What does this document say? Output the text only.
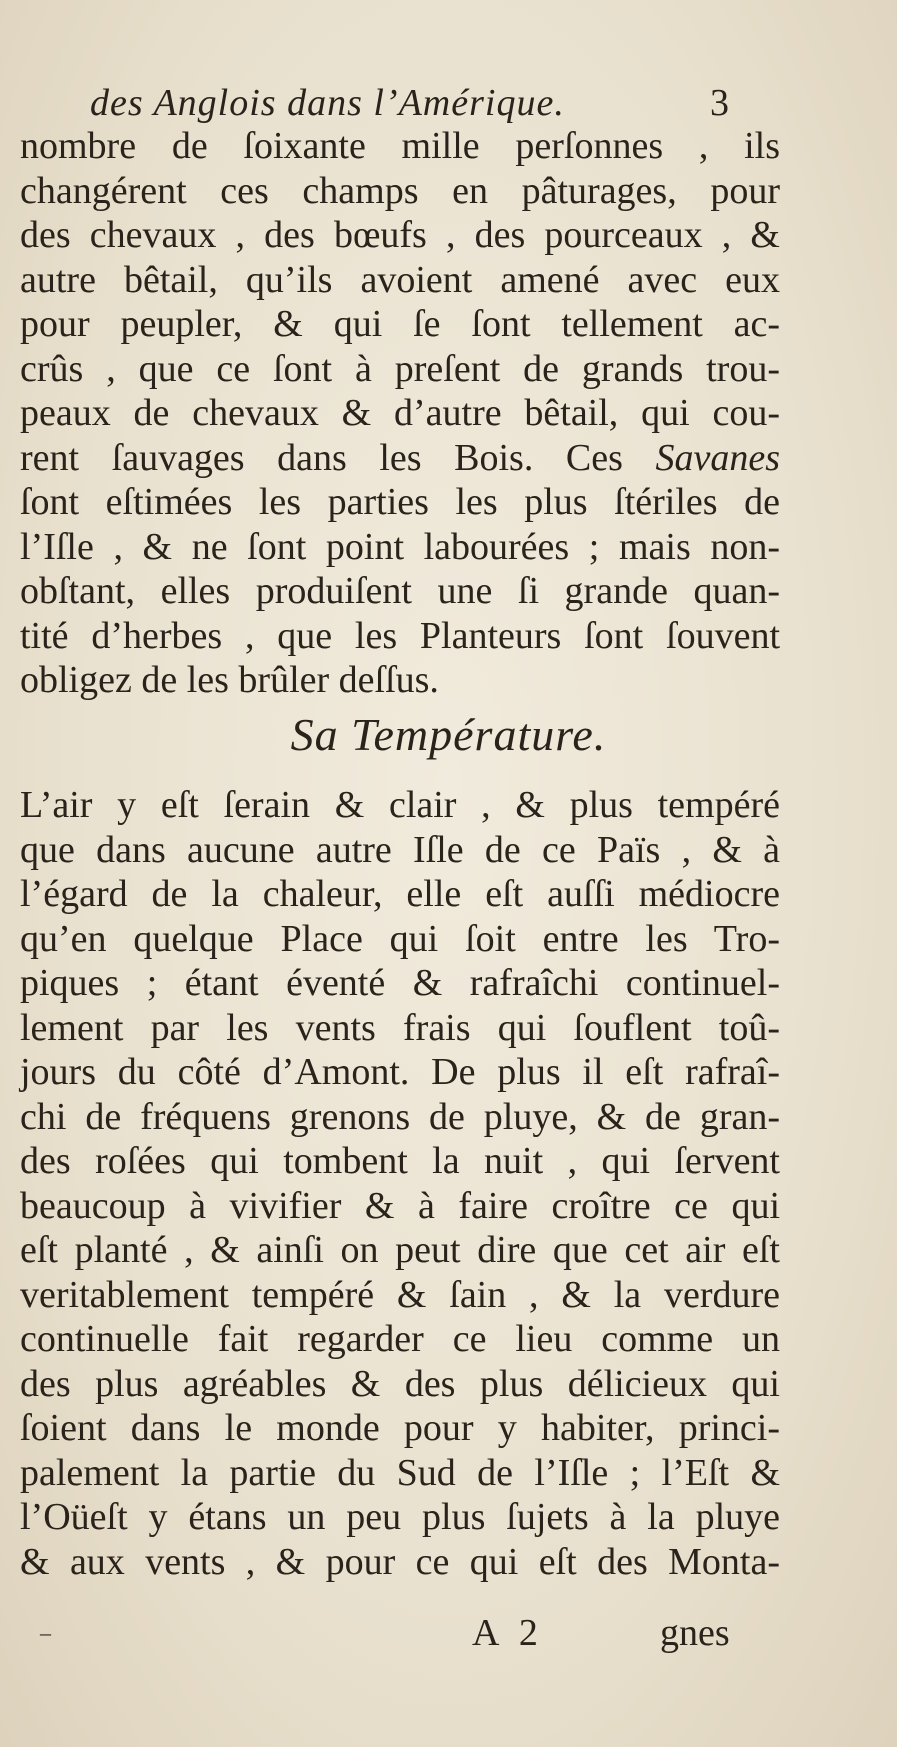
des Anglois dans l’Amérique.	3
nombre de ſoixante mille perſonnes , ils
changérent ces champs en pâturages, pour
des chevaux , des bœufs , des pourceaux , &
autre bêtail, qu’ils avoient amené avec eux
pour peupler, & qui ſe ſont tellement ac-
crûs , que ce ſont à preſent de grands trou-
peaux de chevaux & d’autre bêtail, qui cou-
rent ſauvages dans les Bois. Ces Savanes
ſont eſtimées les parties les plus ſtériles de
l’Iſle , & ne ſont point labourées ; mais non-
obſtant, elles produiſent une ſi grande quan-
tité d’herbes , que les Planteurs ſont ſouvent
obligez de les brûler deſſus.
Sa Température.
L’air y eſt ſerain & clair , & plus tempéré
que dans aucune autre Iſle de ce Païs , & à
l’égard de la chaleur, elle eſt auſſi médiocre
qu’en quelque Place qui ſoit entre les Tro-
piques ; étant éventé & rafraîchi continuel-
lement par les vents frais qui ſouflent toû-
jours du côté d’Amont. De plus il eſt rafraî-
chi de fréquens grenons de pluye, & de gran-
des roſées qui tombent la nuit , qui ſervent
beaucoup à vivifier & à faire croître ce qui
eſt planté , & ainſi on peut dire que cet air eſt
veritablement tempéré & ſain , & la verdure
continuelle fait regarder ce lieu comme un
des plus agréables & des plus délicieux qui
ſoient dans le monde pour y habiter, princi-
palement la partie du Sud de l’Iſle ; l’Eſt &
l’Oüeſt y étans un peu plus ſujets à la pluye
& aux vents , & pour ce qui eſt des Monta-
‒	A 2	gnes
